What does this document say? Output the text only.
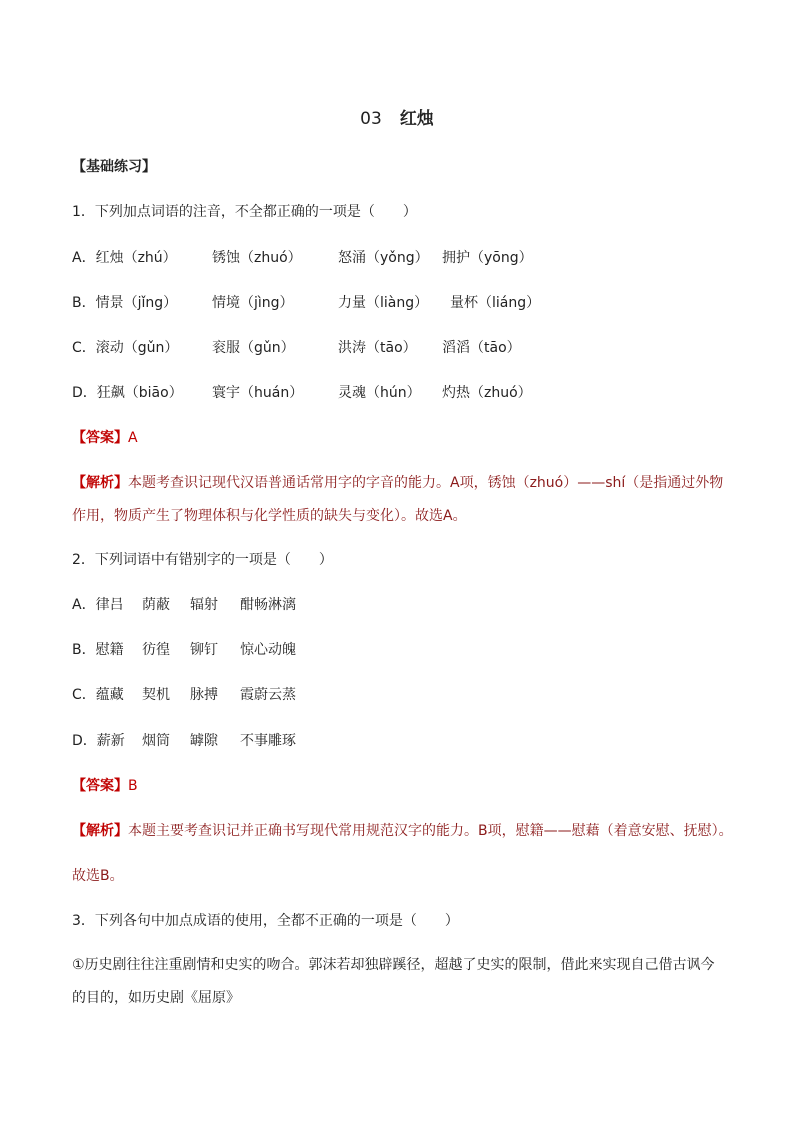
03 红烛
【基础练习】
1．下列加点词语的注音，不全都正确的一项是（　　）
A．红烛（zhú）	锈蚀（zhuó）	怒涌（yǒng） 拥护（yōng）
B．情景（jǐng） 情境（jìng）	力量（liàng） 量杯（liáng）
C．滚动（gǔn） 衮服（gǔn）	洪涛（tāo） 滔滔（tāo）
D．狂飙（biāo） 寰宇（huán） 灵魂（hún） 灼热（zhuó）
【答案】A
【解析】本题考查识记现代汉语普通话常用字的字音的能力。A项，锈蚀（zhuó）——shí（是指通过外物
作用，物质产生了物理体积与化学性质的缺失与变化）。故选A。
2．下列词语中有错别字的一项是（　　）
A．律吕 荫蔽 辐射 酣畅淋漓
B．慰籍 彷徨 铆钉 惊心动魄
C．蕴藏 契机 脉搏 霞蔚云蒸
D．薪新 烟筒 罅隙 不事雕琢
【答案】B
【解析】本题主要考查识记并正确书写现代常用规范汉字的能力。B项，慰籍——慰藉（着意安慰、抚慰）。
故选B。
3．下列各句中加点成语的使用，全都不正确的一项是（　　）
①历史剧往往注重剧情和史实的吻合。郭沫若却独辟蹊径，超越了史实的限制，借此来实现自己借古讽今
的目的，如历史剧《屈原》
